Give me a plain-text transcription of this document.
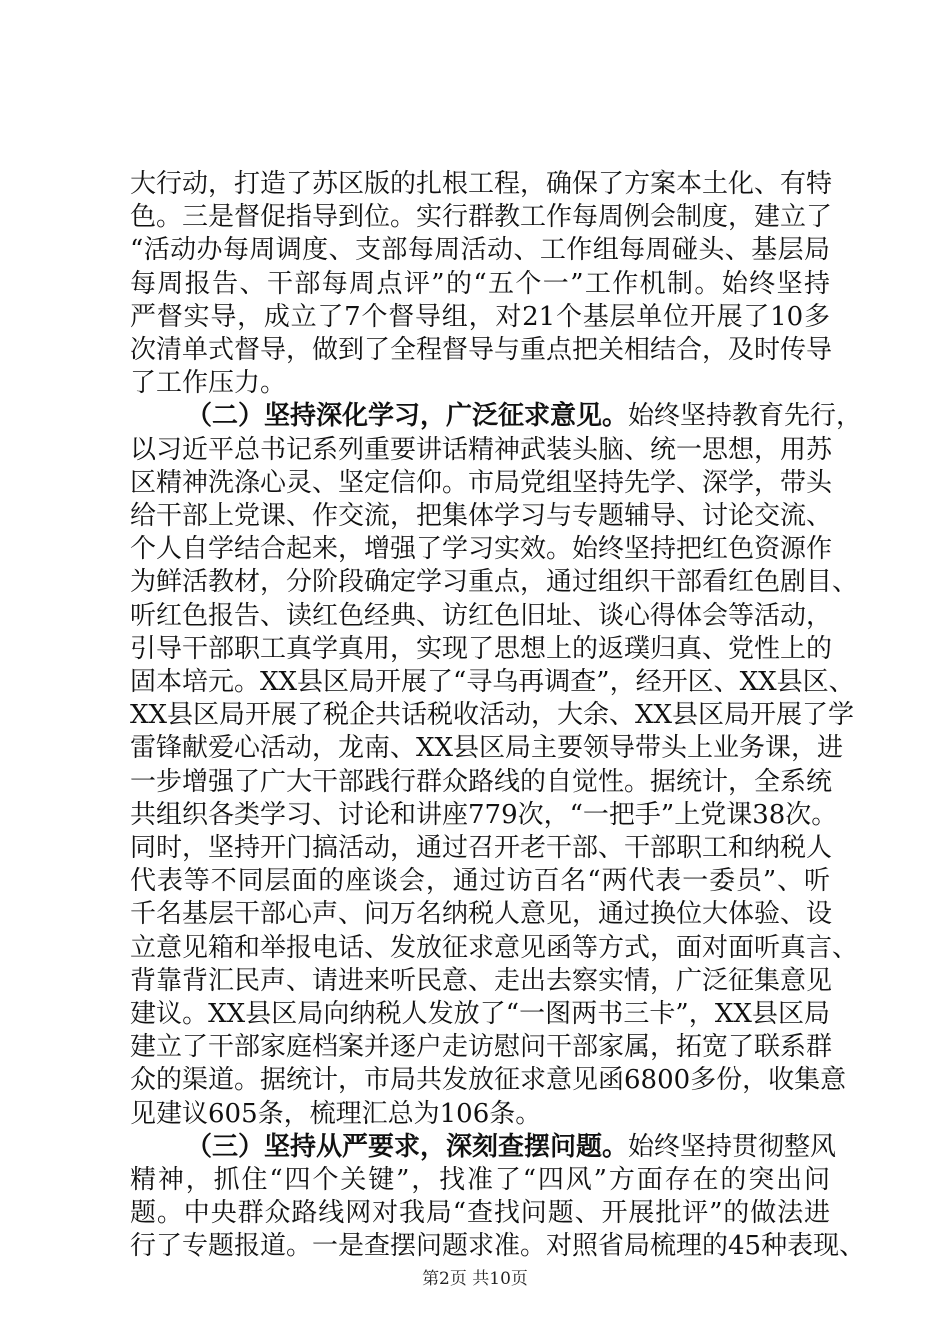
大行动，打造了苏区版的扎根工程，确保了方案本土化、有特
色。三是督促指导到位。实行群教工作每周例会制度，建立了
“活动办每周调度、支部每周活动、工作组每周碰头、基层局
每周报告、干部每周点评”的“五个一”工作机制。始终坚持
严督实导，成立了7个督导组，对21个基层单位开展了10多
次清单式督导，做到了全程督导与重点把关相结合，及时传导
了工作压力。
（二）坚持深化学习，广泛征求意见。始终坚持教育先行，
以习近平总书记系列重要讲话精神武装头脑、统一思想，用苏
区精神洗涤心灵、坚定信仰。市局党组坚持先学、深学，带头
给干部上党课、作交流，把集体学习与专题辅导、讨论交流、
个人自学结合起来，增强了学习实效。始终坚持把红色资源作
为鲜活教材，分阶段确定学习重点，通过组织干部看红色剧目、
听红色报告、读红色经典、访红色旧址、谈心得体会等活动，
引导干部职工真学真用，实现了思想上的返璞归真、党性上的
固本培元。XX县区局开展了“寻乌再调查”，经开区、XX县区、
XX县区局开展了税企共话税收活动，大余、XX县区局开展了学
雷锋献爱心活动，龙南、XX县区局主要领导带头上业务课，进
一步增强了广大干部践行群众路线的自觉性。据统计，全系统
共组织各类学习、讨论和讲座779次，“一把手”上党课38次。
同时，坚持开门搞活动，通过召开老干部、干部职工和纳税人
代表等不同层面的座谈会，通过访百名“两代表一委员”、听
千名基层干部心声、问万名纳税人意见，通过换位大体验、设
立意见箱和举报电话、发放征求意见函等方式，面对面听真言、
背靠背汇民声、请进来听民意、走出去察实情，广泛征集意见
建议。XX县区局向纳税人发放了“一图两书三卡”，XX县区局
建立了干部家庭档案并逐户走访慰问干部家属，拓宽了联系群
众的渠道。据统计，市局共发放征求意见函6800多份，收集意
见建议605条，梳理汇总为106条。
（三）坚持从严要求，深刻查摆问题。始终坚持贯彻整风
精神，抓住“四个关键”，找准了“四风”方面存在的突出问
题。中央群众路线网对我局“查找问题、开展批评”的做法进
行了专题报道。一是查摆问题求准。对照省局梳理的45种表现、
第2页 共10页
